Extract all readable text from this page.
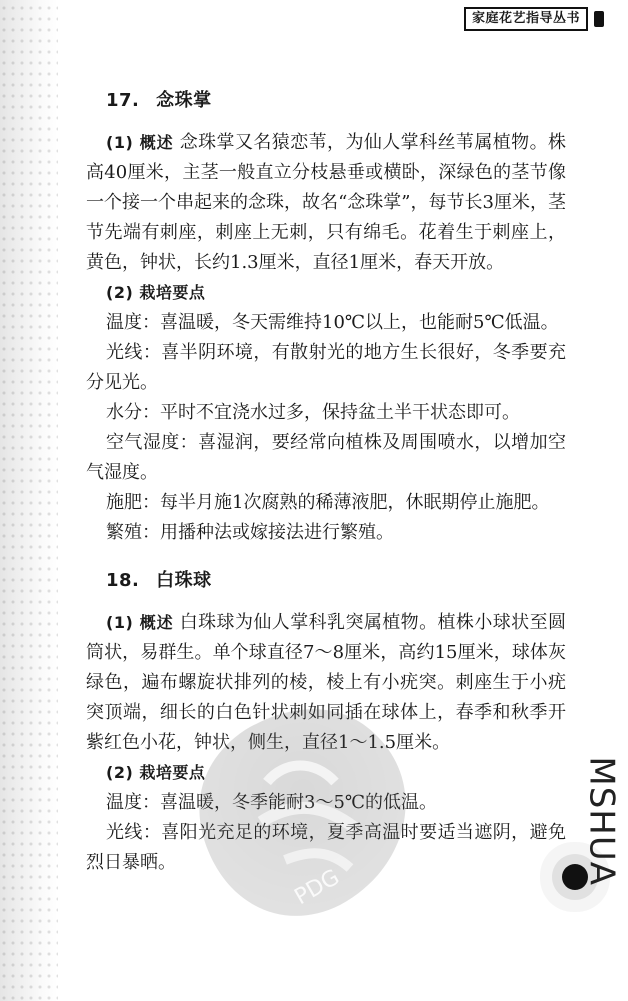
家庭花艺指导丛书
17. 念珠掌

(1) 概述 念珠掌又名猿恋苇，为仙人掌科丝苇属植物。株高40厘米，主茎一般直立分枝悬垂或横卧，深绿色的茎节像一个接一个串起来的念珠，故名“念珠掌”，每节长3厘米，茎节先端有刺座，刺座上无刺，只有绵毛。花着生于刺座上，黄色，钟状，长约1.3厘米，直径1厘米，春天开放。

(2) 栽培要点

温度：喜温暖，冬天需维持10℃以上，也能耐5℃低温。

光线：喜半阴环境，有散射光的地方生长很好，冬季要充分见光。

水分：平时不宜浇水过多，保持盆土半干状态即可。

空气湿度：喜湿润，要经常向植株及周围喷水，以增加空气湿度。

施肥：每半月施1次腐熟的稀薄液肥，休眠期停止施肥。

繁殖：用播种法或嫁接法进行繁殖。

18. 白珠球

(1) 概述 白珠球为仙人掌科乳突属植物。植株小球状至圆筒状，易群生。单个球直径7～8厘米，高约15厘米，球体灰绿色，遍布螺旋状排列的棱，棱上有小疣突。刺座生于小疣突顶端，细长的白色针状刺如同插在球体上，春季和秋季开紫红色小花，钟状，侧生，直径1～1.5厘米。

(2) 栽培要点

温度：喜温暖，冬季能耐3～5℃的低温。

光线：喜阳光充足的环境，夏季高温时要适当遮阴，避免烈日暴晒。

PDG
MSHUA
